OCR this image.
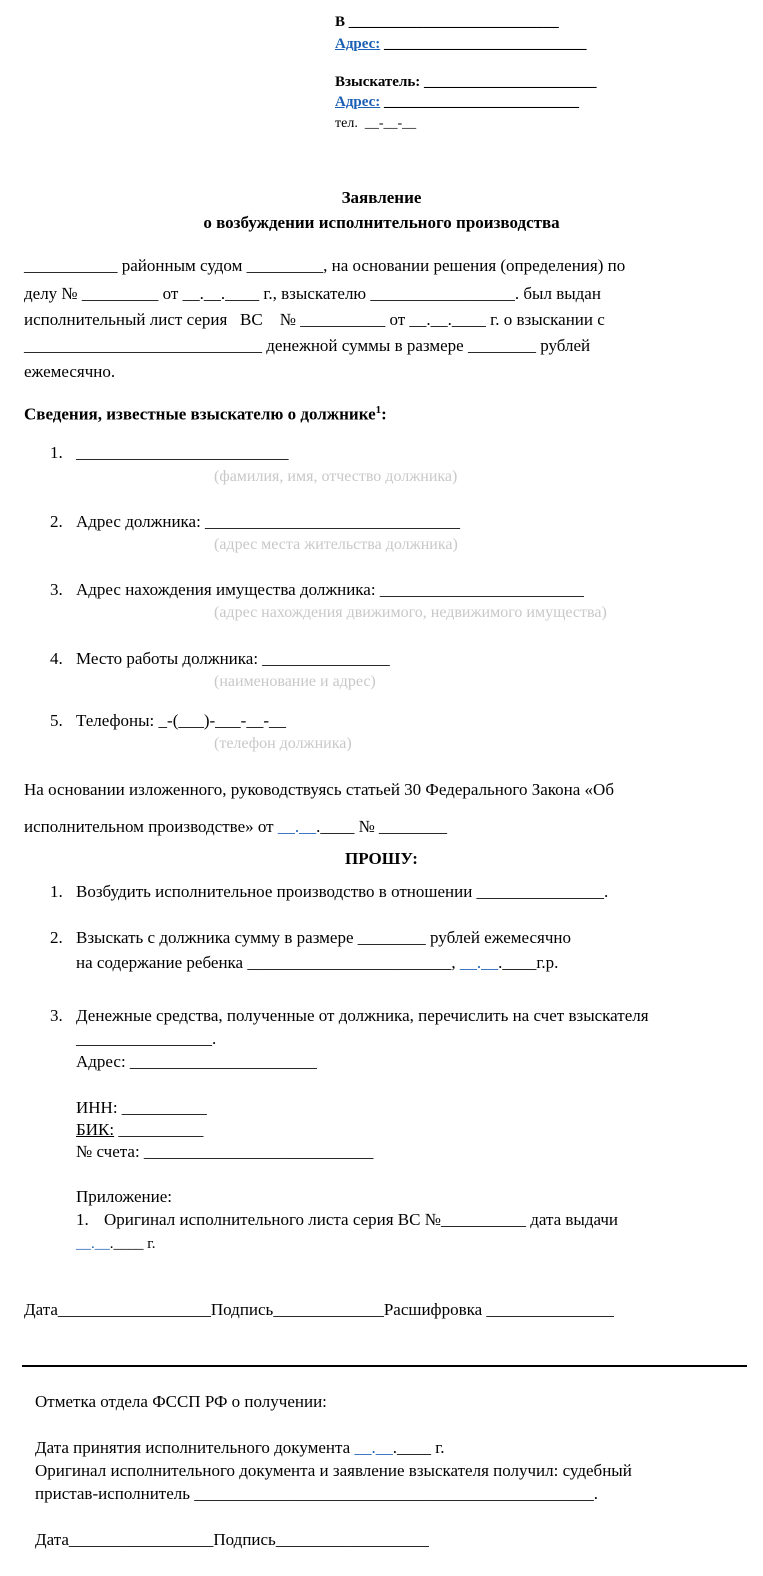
В ____________________________
Адрес: ___________________________
Взыскатель: _______________________
Адрес: __________________________
тел.  __-__-__
Заявление
о возбуждении исполнительного производства
___________ районным судом _________, на основании решения (определения) по
делу № _________ от __.__.____ г., взыскателю _________________. был выдан
исполнительный лист серия   ВС    № __________ от __.__.____ г. о взыскании с
____________________________ денежной суммы в размере ________ рублей
ежемесячно.
Сведения, известные взыскателю о должнике$^1$:
1. _________________________
(фамилия, имя, отчество должника)
2. Адрес должника: ______________________________
(адрес места жительства должника)
3. Адрес нахождения имущества должника: ________________________
(адрес нахождения движимого, недвижимого имущества)
4. Место работы должника: _______________
(наименование и адрес)
5. Телефоны: _-(___)-___-__-__
(телефон должника)
На основании изложенного, руководствуясь статьей 30 Федерального Закона «Об
исполнительном производстве» от __.__.____ № ________
ПРОШУ:
1. Возбудить исполнительное производство в отношении _______________.
2. Взыскать с должника сумму в размере ________ рублей ежемесячно
на содержание ребенка ________________________, __.__.____г.р.
3. Денежные средства, полученные от должника, перечислить на счет взыскателя
________________.
Адрес: ______________________
ИНН: __________
БИК: __________
№ счета: ___________________________
Приложение:
1. Оригинал исполнительного листа серия ВС №__________ дата выдачи
__.__.____ г.
Дата__________________Подпись_____________Расшифровка _______________
Отметка отдела ФССП РФ о получении:
Дата принятия исполнительного документа __.__.____ г.
Оригинал исполнительного документа и заявление взыскателя получил: судебный
пристав-исполнитель _______________________________________________.
Дата_________________Подпись__________________
